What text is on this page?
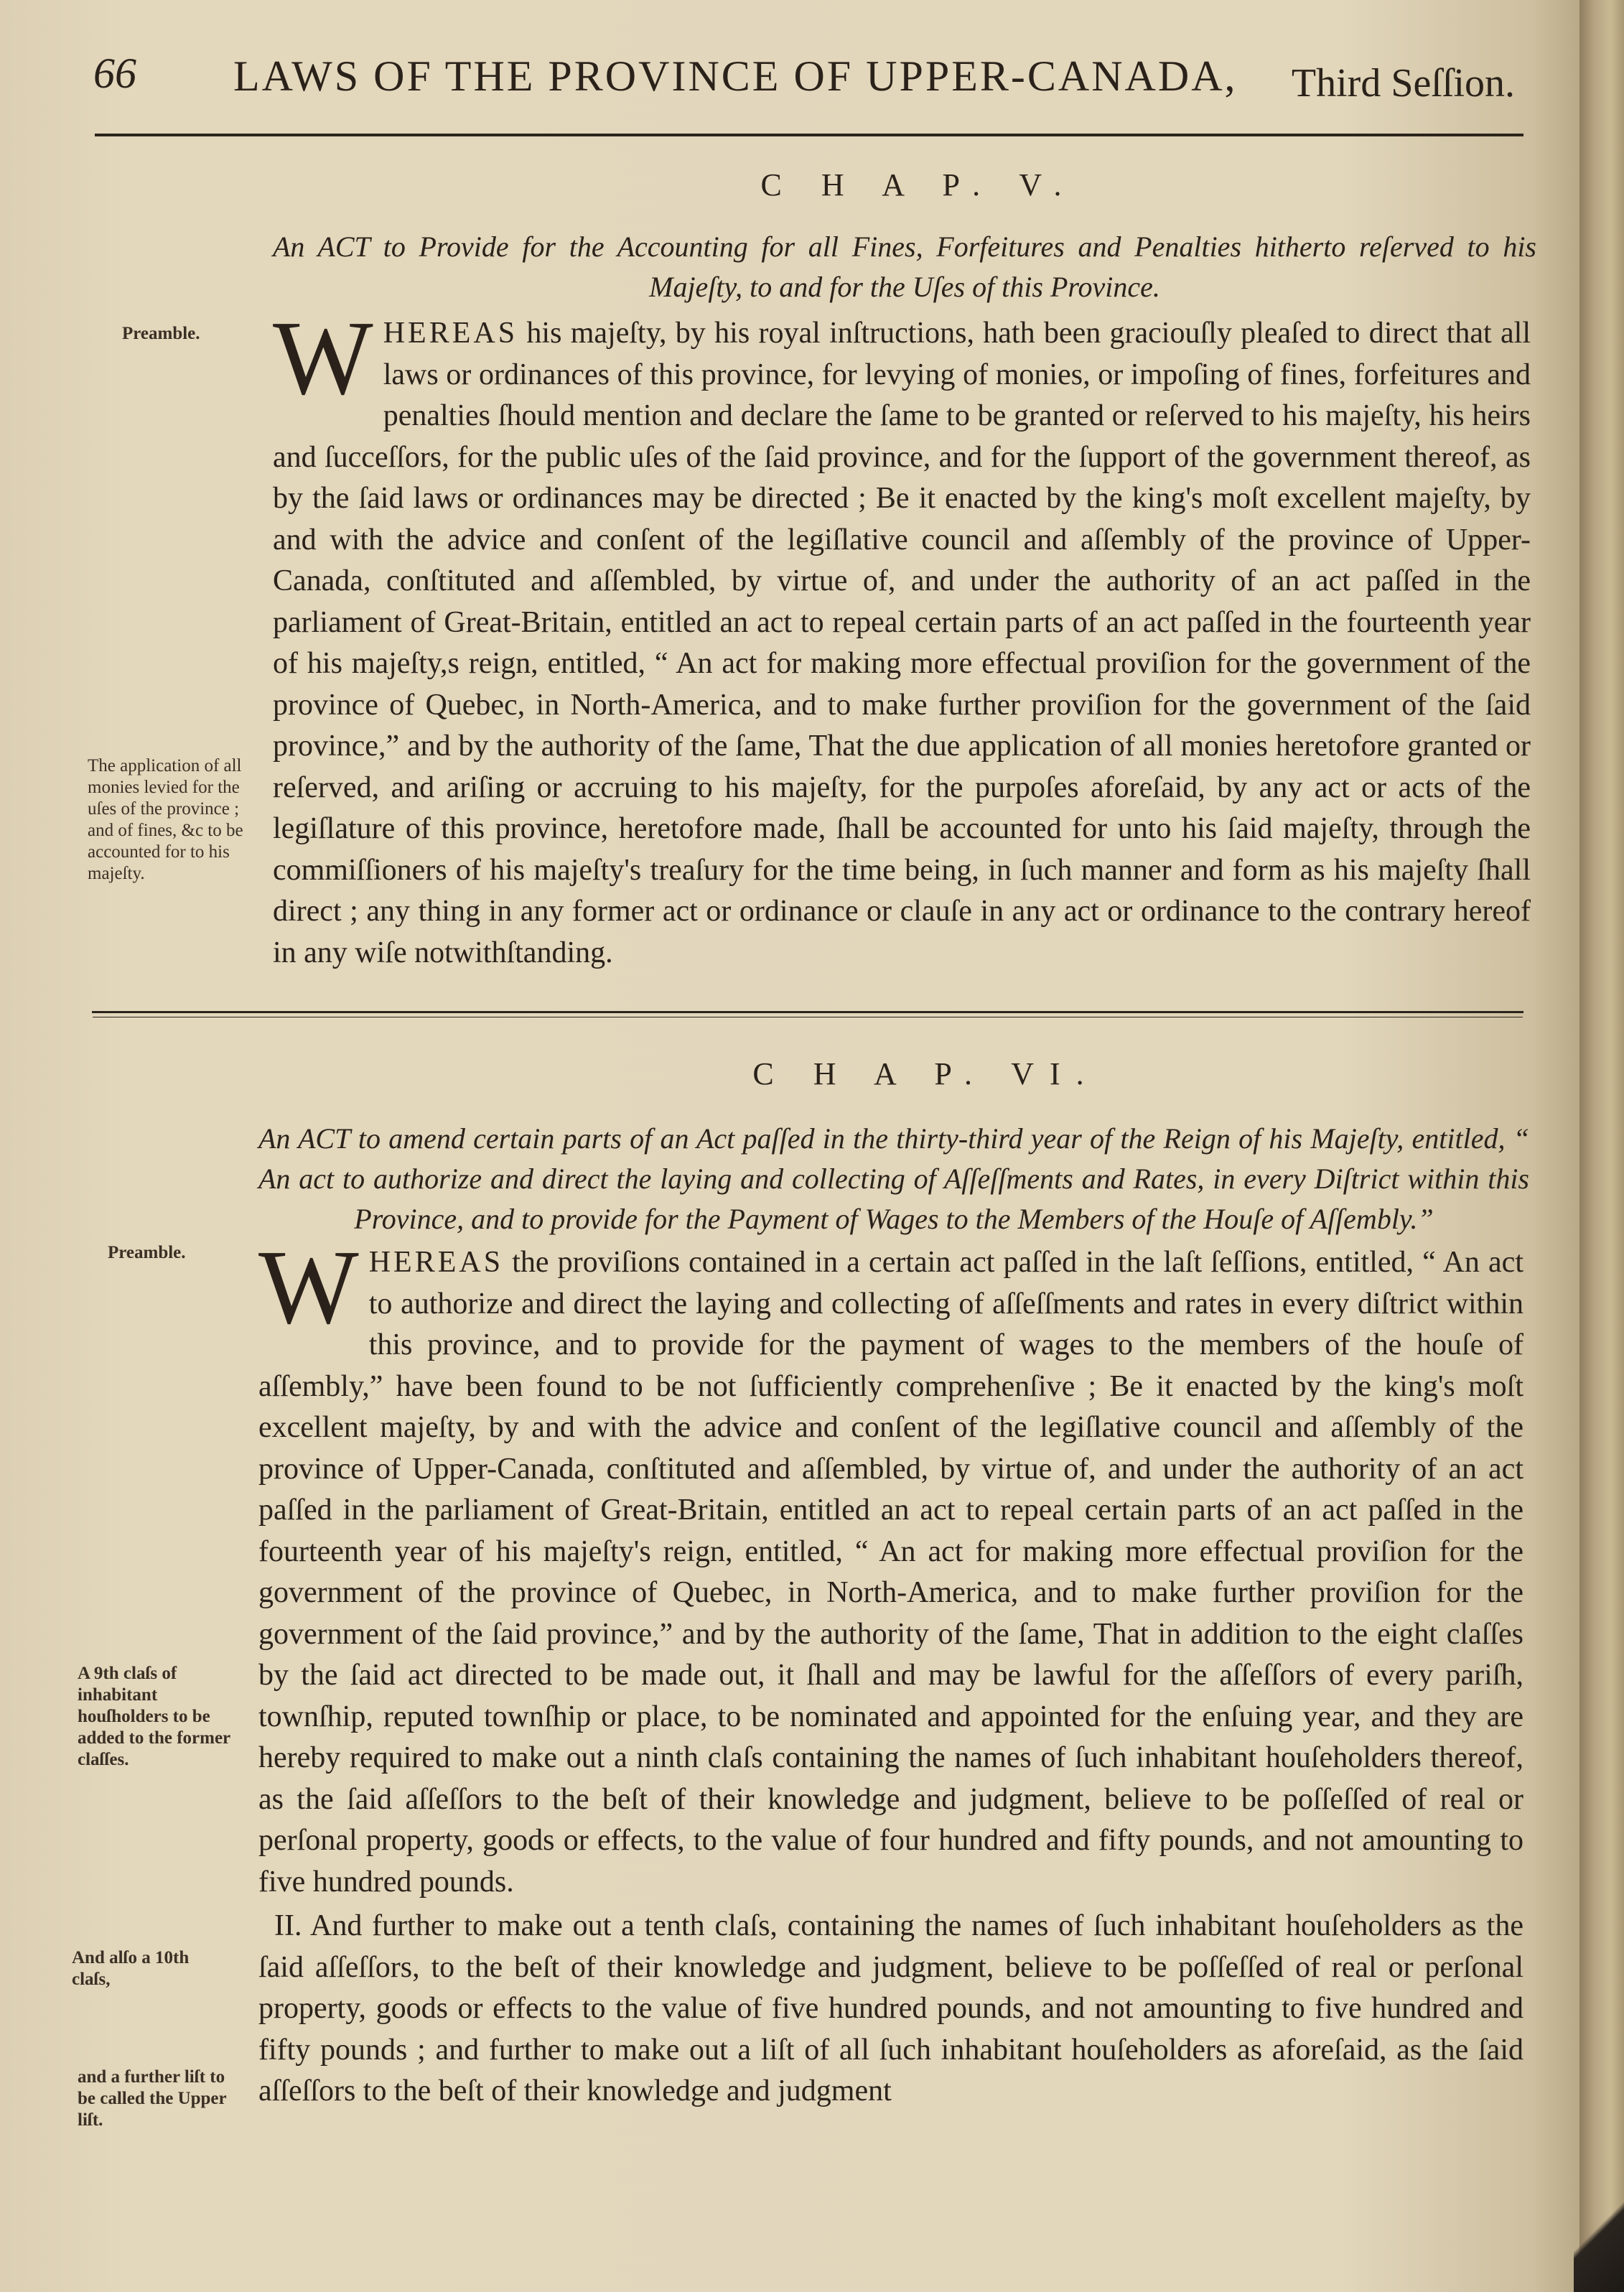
66 LAWS OF THE PROVINCE OF UPPER-CANADA, Third Seſſion.
C H A P. V.
An ACT to Provide for the Accounting for all Fines, Forfeitures and Penalties hitherto reſerved to his Majeſty, to and for the Uſes of this Province.
Preamble. W HEREAS his majeſty, by his royal inſtructions, hath been graciouſly pleaſed to direct that all laws or ordinances of this province, for levying of monies, or impoſing of fines, forfeitures and penalties ſhould mention and declare the ſame to be granted or reſerved to his majeſty, his heirs and ſucceſſors, for the public uſes of the ſaid province, and for the ſupport of the government thereof, as by the ſaid laws or ordinances may be directed ; Be it enacted by the king's moſt excellent majeſty, by and with the advice and conſent of the legiſlative council and aſſembly of the province of Upper-Canada, conſtituted and aſſembled, by virtue of, and under the authority of an act paſſed in the parliament of Great-Britain, entitled an act to repeal certain parts of an act paſſed in the fourteenth year of his majeſty,s reign, entitled, “ An act for making more effectual proviſion for the government of the province of Quebec, in North-America, and to make further proviſion for the government of the ſaid province,” and by the authority of the ſame, That the due application of all monies heretofore granted or reſerved, and ariſing or accruing to his majeſty, for the purpoſes aforeſaid, by any act or acts of the legiſlature of this province, heretofore made, ſhall be accounted for unto his ſaid majeſty, through the commiſſioners of his majeſty's treaſury for the time being, in ſuch manner and form as his majeſty ſhall direct ; any thing in any former act or ordinance or clauſe in any act or ordinance to the contrary hereof in any wiſe notwithſtanding.

The application of all monies levied for the uſes of the province ; and of fines, &c to be accounted for to his majeſty.
C H A P. VI.
An ACT to amend certain parts of an Act paſſed in the thirty-third year of the Reign of his Majeſty, entitled, “ An act to authorize and direct the laying and collecting of Aſſeſſments and Rates, in every Diſtrict within this Province, and to provide for the Payment of Wages to the Members of the Houſe of Aſſembly.”
Preamble. W HEREAS the proviſions contained in a certain act paſſed in the laſt ſeſſions, entitled, “ An act to authorize and direct the laying and collecting of aſſeſſments and rates in every diſtrict within this province, and to provide for the payment of wages to the members of the houſe of aſſembly,” have been found to be not ſufficiently comprehenſive ; Be it enacted by the king's moſt excellent majeſty, by and with the advice and conſent of the legiſlative council and aſſembly of the province of Upper-Canada, conſtituted and aſſembled, by virtue of, and under the authority of an act paſſed in the parliament of Great-Britain, entitled an act to repeal certain parts of an act paſſed in the fourteenth year of his majeſty's reign, entitled, “ An act for making more effectual proviſion for the government of the province of Quebec, in North-America, and to make further proviſion for the government of the ſaid province,” and by the authority of the ſame, That in addition to the eight claſſes by the ſaid act directed to be made out, it ſhall and may be lawful for the aſſeſſors of every pariſh, townſhip, reputed townſhip or place, to be nominated and appointed for the enſuing year, and they are hereby required to make out a ninth claſs containing the names of ſuch inhabitant houſeholders thereof, as the ſaid aſſeſſors to the beſt of their knowledge and judgment, believe to be poſſeſſed of real or perſonal property, goods or effects, to the value of four hundred and fifty pounds, and not amounting to five hundred pounds.

II. And further to make out a tenth claſs, containing the names of ſuch inhabitant houſeholders as the ſaid aſſeſſors, to the beſt of their knowledge and judgment, believe to be poſſeſſed of real or perſonal property, goods or effects to the value of five hundred pounds, and not amounting to five hundred and fifty pounds ; and further to make out a liſt of all ſuch inhabitant houſeholders as aforeſaid, as the ſaid aſſeſſors to the beſt of their knowledge and judgment

A 9th claſs of inhabitant houſholders to be added to the former claſſes.
And alſo a 10th claſs,
and a further liſt to be called the Upper liſt.
